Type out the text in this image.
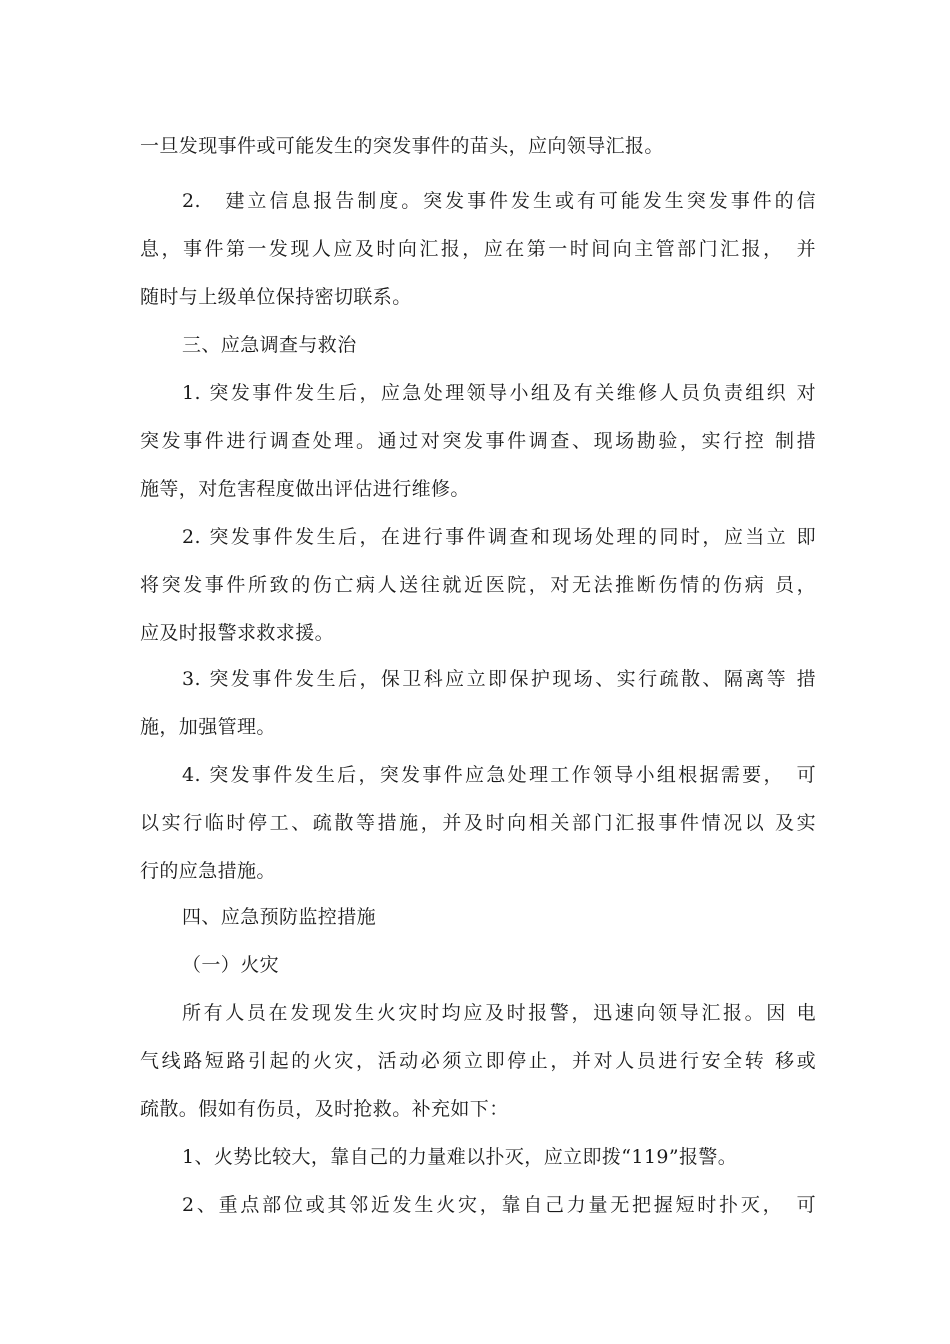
一旦发现事件或可能发生的突发事件的苗头，应向领导汇报。
2.　建立信息报告制度。突发事件发生或有可能发生突发事件的信
息，事件第一发现人应及时向汇报，应在第一时间向主管部门汇报，　并
随时与上级单位保持密切联系。
三、应急调查与救治
1. 突发事件发生后，应急处理领导小组及有关维修人员负责组织 对
突发事件进行调查处理。通过对突发事件调查、现场勘验，实行控 制措
施等，对危害程度做出评估进行维修。
2. 突发事件发生后，在进行事件调查和现场处理的同时，应当立 即
将突发事件所致的伤亡病人送往就近医院，对无法推断伤情的伤病 员，
应及时报警求救求援。
3. 突发事件发生后，保卫科应立即保护现场、实行疏散、隔离等 措
施，加强管理。
4. 突发事件发生后，突发事件应急处理工作领导小组根据需要，　可
以实行临时停工、疏散等措施，并及时向相关部门汇报事件情况以 及实
行的应急措施。
四、应急预防监控措施
（一）火灾
所有人员在发现发生火灾时均应及时报警，迅速向领导汇报。因 电
气线路短路引起的火灾，活动必须立即停止，并对人员进行安全转 移或
疏散。假如有伤员，及时抢救。补充如下：
1、火势比较大，靠自己的力量难以扑灭，应立即拨“119”报警。
2、重点部位或其邻近发生火灾，靠自己力量无把握短时扑灭，　可
